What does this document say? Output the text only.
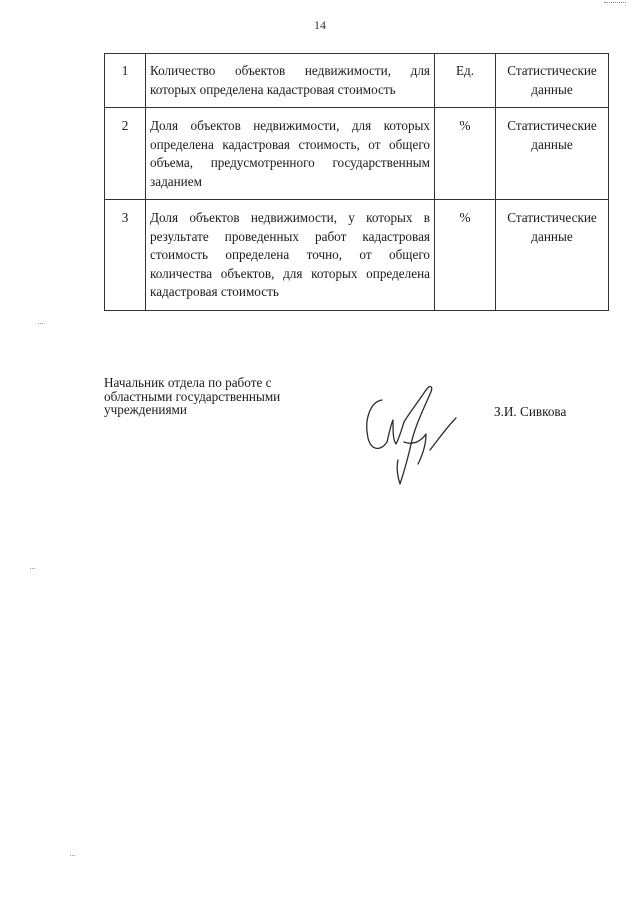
14
1	Количество объектов недвижимости, для которых определена кадастровая стоимость	Ед.	Статистические данные
2	Доля объектов недвижимости, для которых определена кадастровая стоимость, от общего объема, предусмотренного государственным заданием	%	Статистические данные
3	Доля объектов недвижимости, у которых в результате проведенных работ кадастровая стоимость определена точно, от общего количества объектов, для которых определена кадастровая стоимость	%	Статистические данные
Начальник отдела по работе с
областными государственными
учреждениями	З.И. Сивкова
